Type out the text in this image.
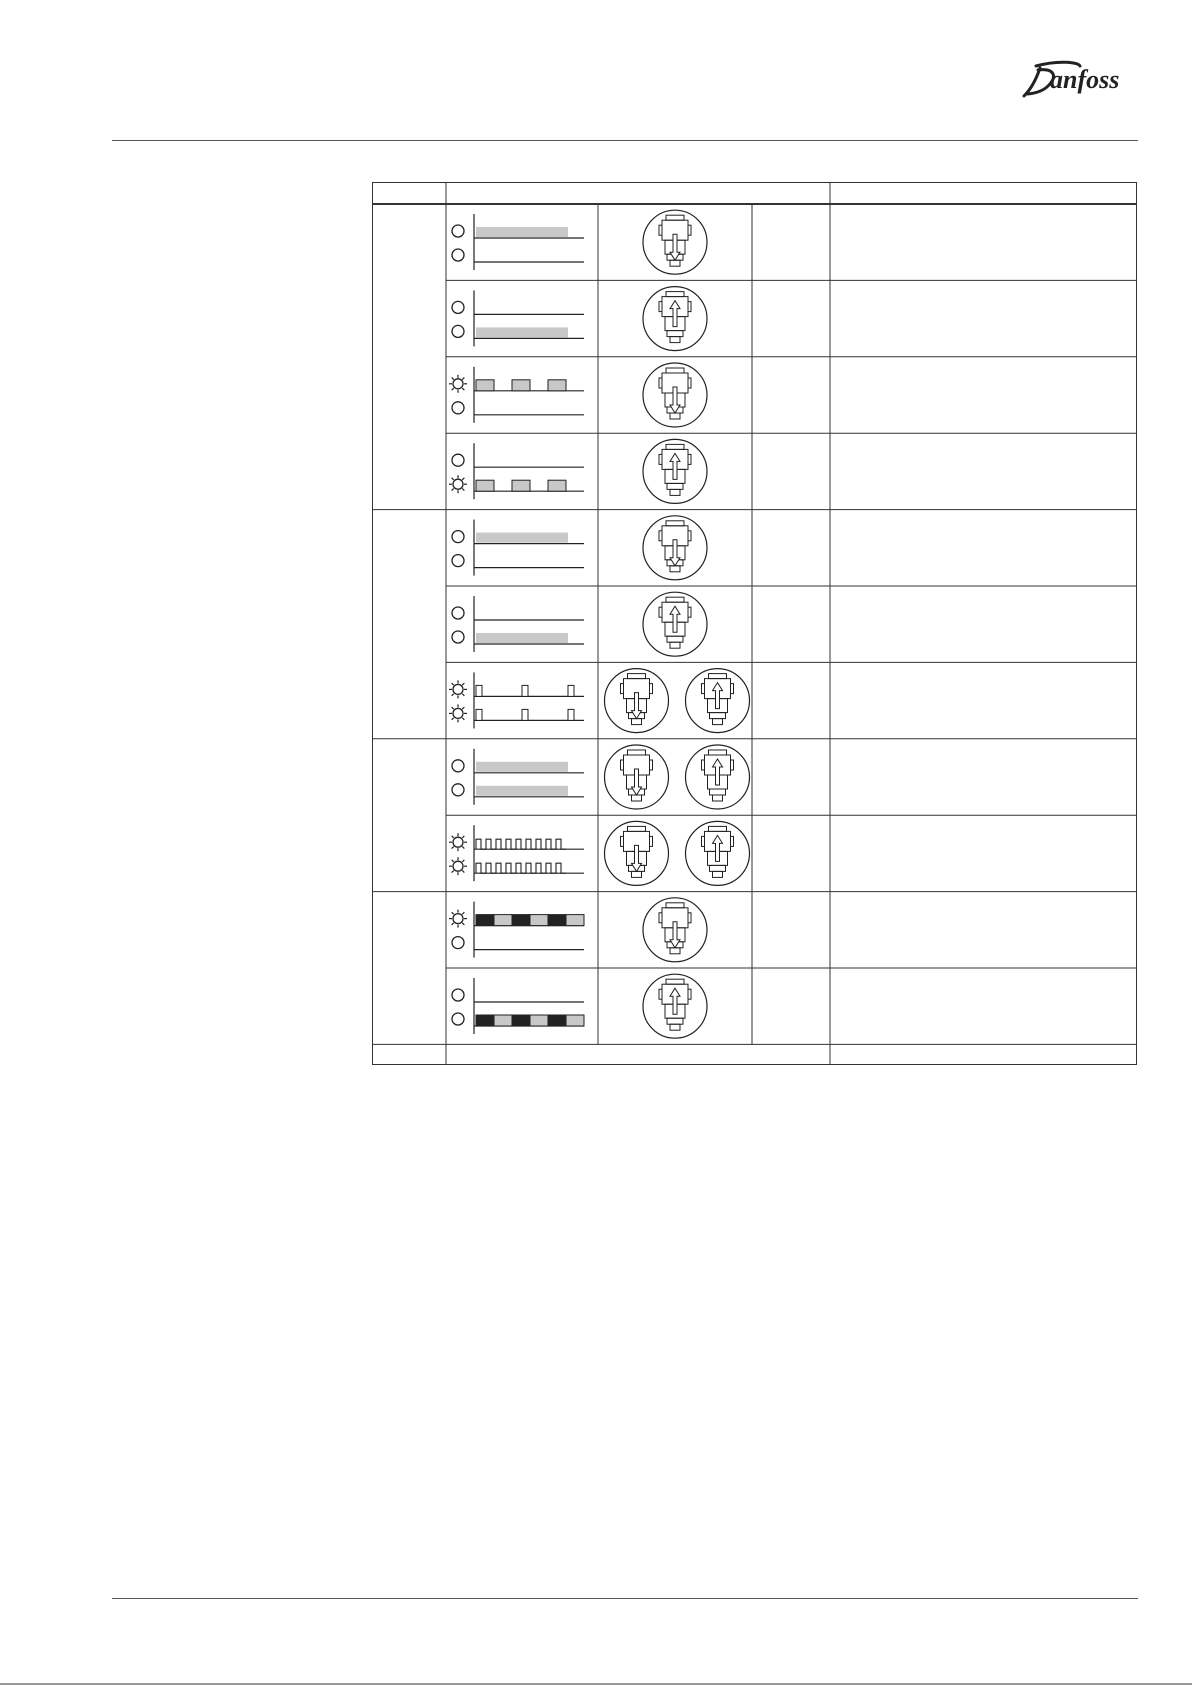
anfoss
